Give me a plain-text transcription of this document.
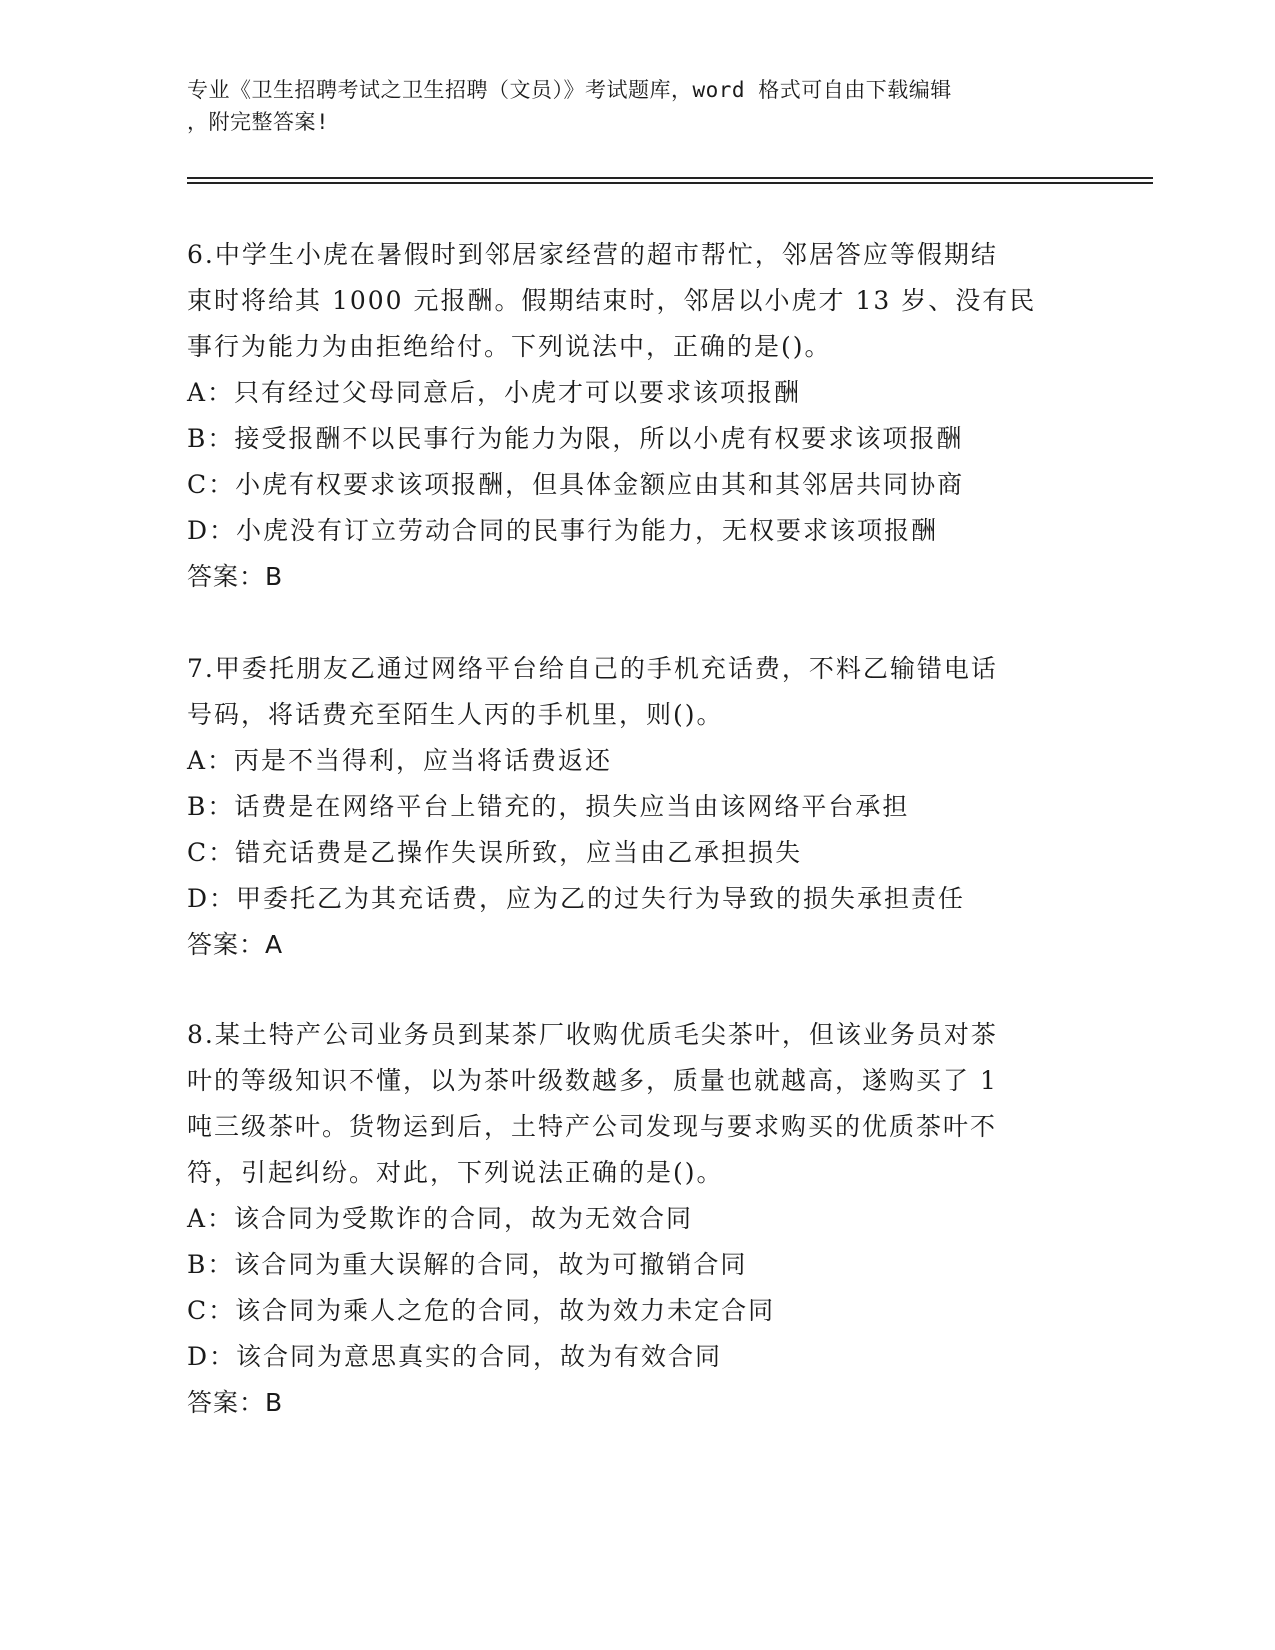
专业《卫生招聘考试之卫生招聘（文员）》考试题库，word 格式可自由下载编辑
，附完整答案!
6.中学生小虎在暑假时到邻居家经营的超市帮忙，邻居答应等假期结
束时将给其 1000 元报酬。假期结束时，邻居以小虎才 13 岁、没有民
事行为能力为由拒绝给付。下列说法中，正确的是()。
A：只有经过父母同意后，小虎才可以要求该项报酬
B：接受报酬不以民事行为能力为限，所以小虎有权要求该项报酬
C：小虎有权要求该项报酬，但具体金额应由其和其邻居共同协商
D：小虎没有订立劳动合同的民事行为能力，无权要求该项报酬
答案：B
7.甲委托朋友乙通过网络平台给自己的手机充话费，不料乙输错电话
号码，将话费充至陌生人丙的手机里，则()。
A：丙是不当得利，应当将话费返还
B：话费是在网络平台上错充的，损失应当由该网络平台承担
C：错充话费是乙操作失误所致，应当由乙承担损失
D：甲委托乙为其充话费，应为乙的过失行为导致的损失承担责任
答案：A
8.某土特产公司业务员到某茶厂收购优质毛尖茶叶，但该业务员对茶
叶的等级知识不懂，以为茶叶级数越多，质量也就越高，遂购买了 1
吨三级茶叶。货物运到后，土特产公司发现与要求购买的优质茶叶不
符，引起纠纷。对此，下列说法正确的是()。
A：该合同为受欺诈的合同，故为无效合同
B：该合同为重大误解的合同，故为可撤销合同
C：该合同为乘人之危的合同，故为效力未定合同
D：该合同为意思真实的合同，故为有效合同
答案：B
